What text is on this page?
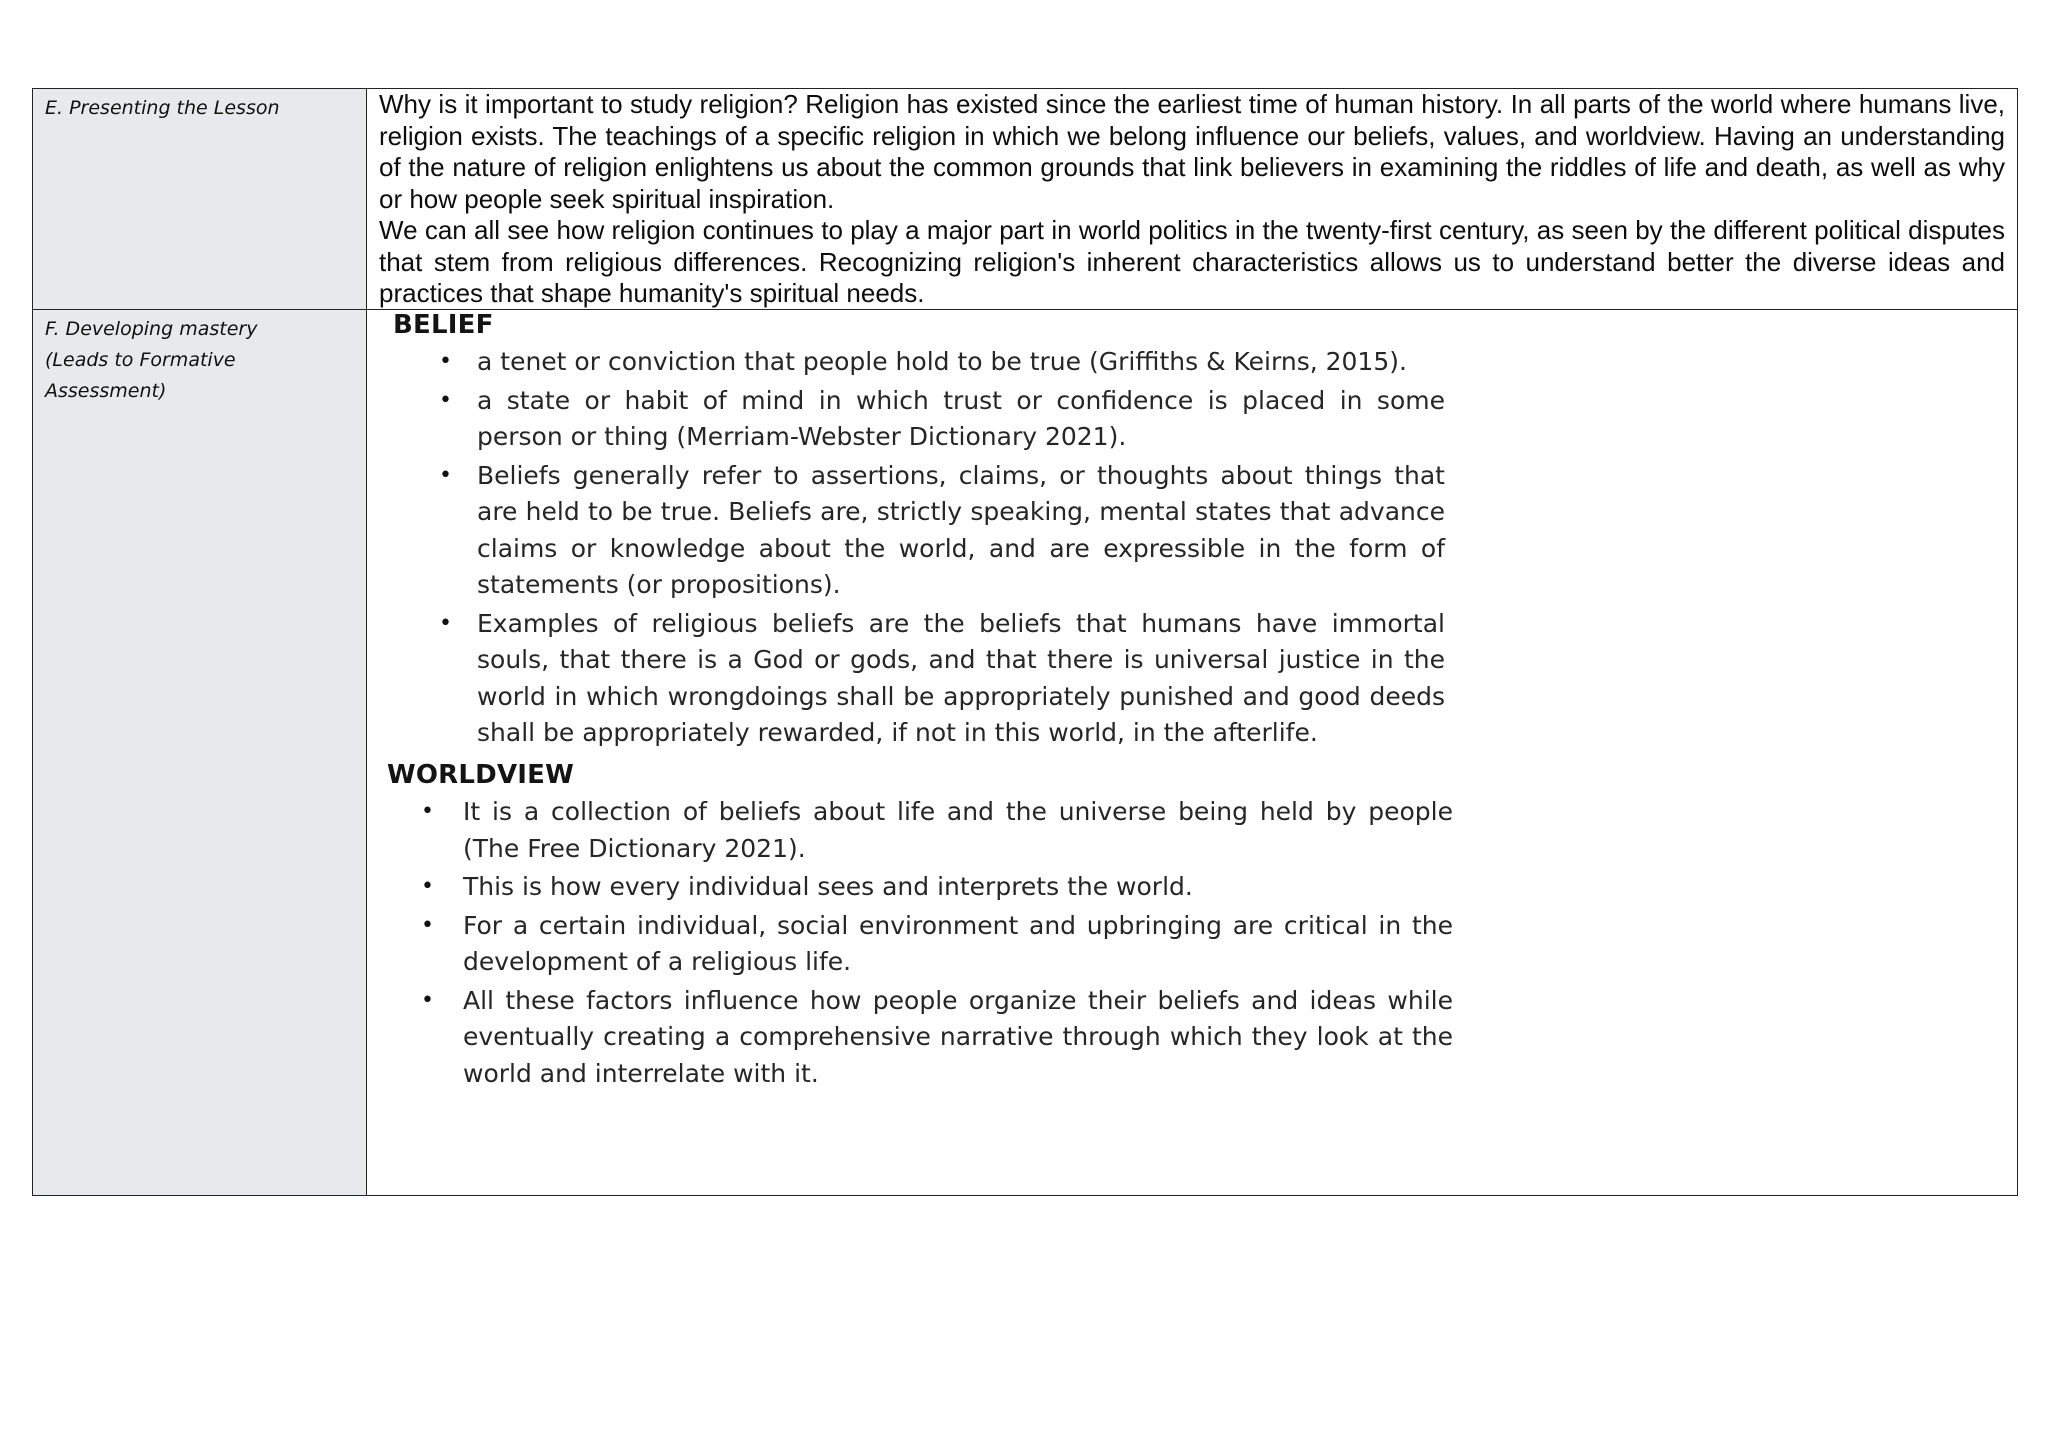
E. Presenting the Lesson	Why is it important to study religion? Religion has existed since the earliest time of human history. In all parts of the world where humans live, religion exists. The teachings of a specific religion in which we belong influence our beliefs, values, and worldview. Having an understanding of the nature of religion enlightens us about the common grounds that link believers in examining the riddles of life and death, as well as why or how people seek spiritual inspiration.

We can all see how religion continues to play a major part in world politics in the twenty-first century, as seen by the different political disputes that stem from religious differences. Recognizing religion's inherent characteristics allows us to understand better the diverse ideas and practices that shape humanity's spiritual needs.

F. Developing mastery
(Leads to Formative
Assessment)
BELIEF
• a tenet or conviction that people hold to be true (Griffiths & Keirns, 2015).
• a state or habit of mind in which trust or confidence is placed in some person or thing (Merriam-Webster Dictionary 2021).
• Beliefs generally refer to assertions, claims, or thoughts about things that are held to be true. Beliefs are, strictly speaking, mental states that advance claims or knowledge about the world, and are expressible in the form of statements (or propositions).
• Examples of religious beliefs are the beliefs that humans have immortal souls, that there is a God or gods, and that there is universal justice in the world in which wrongdoings shall be appropriately punished and good deeds shall be appropriately rewarded, if not in this world, in the afterlife.
WORLDVIEW
• It is a collection of beliefs about life and the universe being held by people (The Free Dictionary 2021).
• This is how every individual sees and interprets the world.
• For a certain individual, social environment and upbringing are critical in the development of a religious life.
• All these factors influence how people organize their beliefs and ideas while eventually creating a comprehensive narrative through which they look at the world and interrelate with it.
